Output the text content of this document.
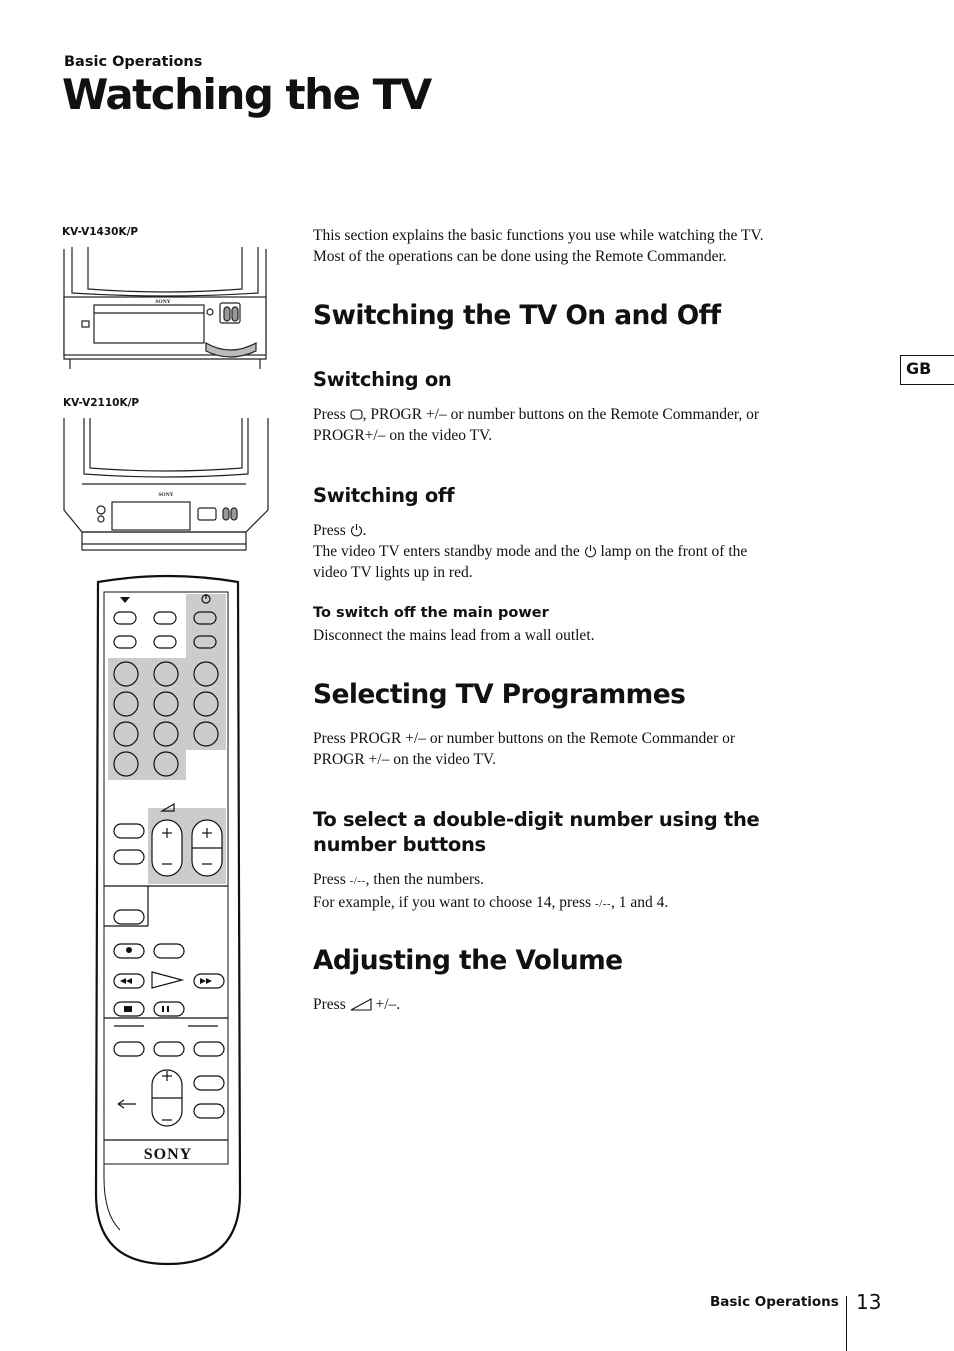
Basic Operations
Watching the TV
KV-V1430K/P
KV-V2110K/P
SONY
SONY
SONY
This section explains the basic functions you use while watching the TV.
Most of the operations can be done using the Remote Commander.
Switching the TV On and Off
Switching on
Press , PROGR +/– or number buttons on the Remote Commander, or
PROGR+/– on the video TV.
Switching off
Press .
The video TV enters standby mode and the  lamp on the front of the
video TV lights up in red.
To switch off the main power
Disconnect the mains lead from a wall outlet.
Selecting TV Programmes
Press PROGR +/– or number buttons on the Remote Commander or
PROGR +/– on the video TV.
To select a double-digit number using the
number buttons
Press -/--, then the numbers.
For example, if you want to choose 14, press -/--, 1 and 4.
Adjusting the Volume
Press  +/–.
GB
Basic Operations 13
